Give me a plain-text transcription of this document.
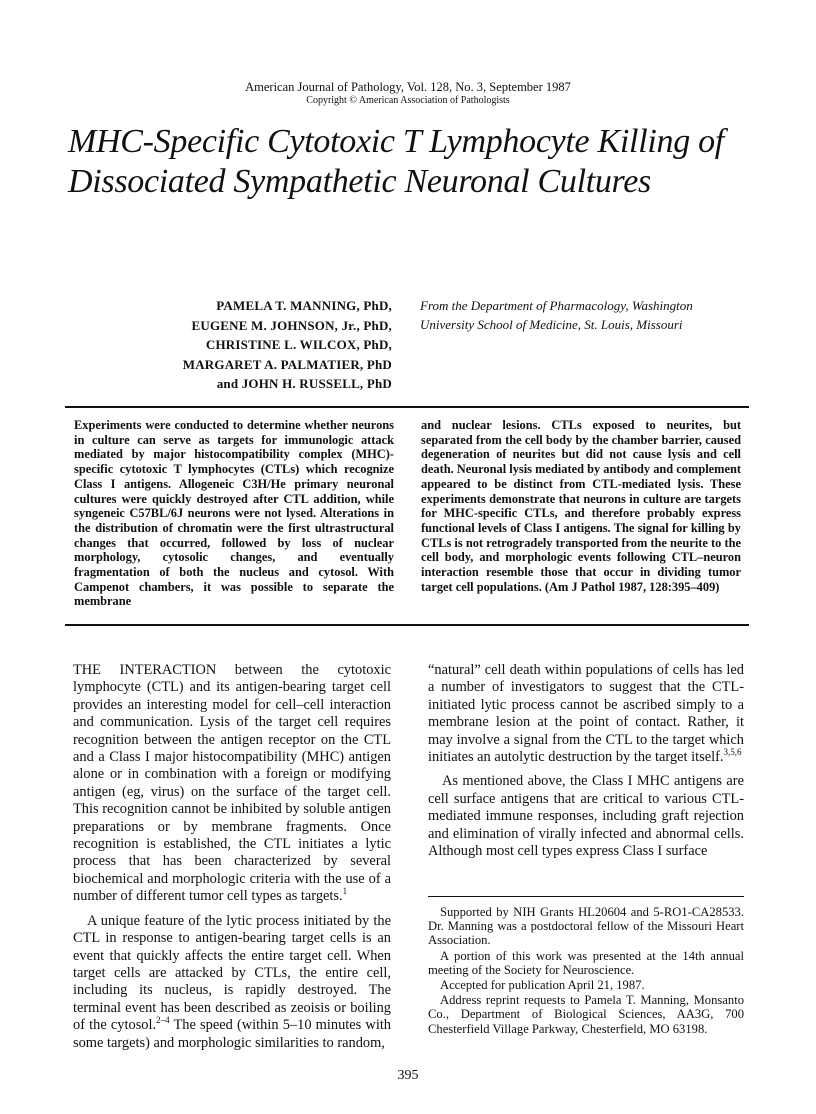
American Journal of Pathology, Vol. 128, No. 3, September 1987
Copyright © American Association of Pathologists
MHC-Specific Cytotoxic T Lymphocyte Killing of
Dissociated Sympathetic Neuronal Cultures
PAMELA T. MANNING, PhD,
EUGENE M. JOHNSON, Jr., PhD,
CHRISTINE L. WILCOX, PhD,
MARGARET A. PALMATIER, PhD
and JOHN H. RUSSELL, PhD
From the Department of Pharmacology, Washington University School of Medicine, St. Louis, Missouri
Experiments were conducted to determine whether neurons in culture can serve as targets for immunologic attack mediated by major histocompatibility complex (MHC)-specific cytotoxic T lymphocytes (CTLs) which recognize Class I antigens. Allogeneic C3H/He primary neuronal cultures were quickly destroyed after CTL addition, while syngeneic C57BL/6J neurons were not lysed. Alterations in the distribution of chromatin were the first ultrastructural changes that occurred, followed by loss of nuclear morphology, cytosolic changes, and eventually fragmentation of both the nucleus and cytosol. With Campenot chambers, it was possible to separate the membrane
and nuclear lesions. CTLs exposed to neurites, but separated from the cell body by the chamber barrier, caused degeneration of neurites but did not cause lysis and cell death. Neuronal lysis mediated by antibody and complement appeared to be distinct from CTL-mediated lysis. These experiments demonstrate that neurons in culture are targets for MHC-specific CTLs, and therefore probably express functional levels of Class I antigens. The signal for killing by CTLs is not retrogradely transported from the neurite to the cell body, and morphologic events following CTL–neuron interaction resemble those that occur in dividing tumor target cell populations. (Am J Pathol 1987, 128:395–409)

THE INTERACTION between the cytotoxic lymphocyte (CTL) and its antigen-bearing target cell provides an interesting model for cell–cell interaction and communication. Lysis of the target cell requires recognition between the antigen receptor on the CTL and a Class I major histocompatibility (MHC) antigen alone or in combination with a foreign or modifying antigen (eg, virus) on the surface of the target cell. This recognition cannot be inhibited by soluble antigen preparations or by membrane fragments. Once recognition is established, the CTL initiates a lytic process that has been characterized by several biochemical and morphologic criteria with the use of a number of different tumor cell types as targets.$^1$

A unique feature of the lytic process initiated by the CTL in response to antigen-bearing target cells is an event that quickly affects the entire target cell. When target cells are attacked by CTLs, the entire cell, including its nucleus, is rapidly destroyed. The terminal event has been described as zeoisis or boiling of the cytosol.$^{2-4}$ The speed (within 5–10 minutes with some targets) and morphologic similarities to random,

“natural” cell death within populations of cells has led a number of investigators to suggest that the CTL-initiated lytic process cannot be ascribed simply to a membrane lesion at the point of contact. Rather, it may involve a signal from the CTL to the target which initiates an autolytic destruction by the target itself.$^{3,5,6}$

As mentioned above, the Class I MHC antigens are cell surface antigens that are critical to various CTL-mediated immune responses, including graft rejection and elimination of virally infected and abnormal cells. Although most cell types express Class I surface

Supported by NIH Grants HL20604 and 5-RO1-CA28533. Dr. Manning was a postdoctoral fellow of the Missouri Heart Association.

A portion of this work was presented at the 14th annual meeting of the Society for Neuroscience.

Accepted for publication April 21, 1987.

Address reprint requests to Pamela T. Manning, Monsanto Co., Department of Biological Sciences, AA3G, 700 Chesterfield Village Parkway, Chesterfield, MO 63198.

395
